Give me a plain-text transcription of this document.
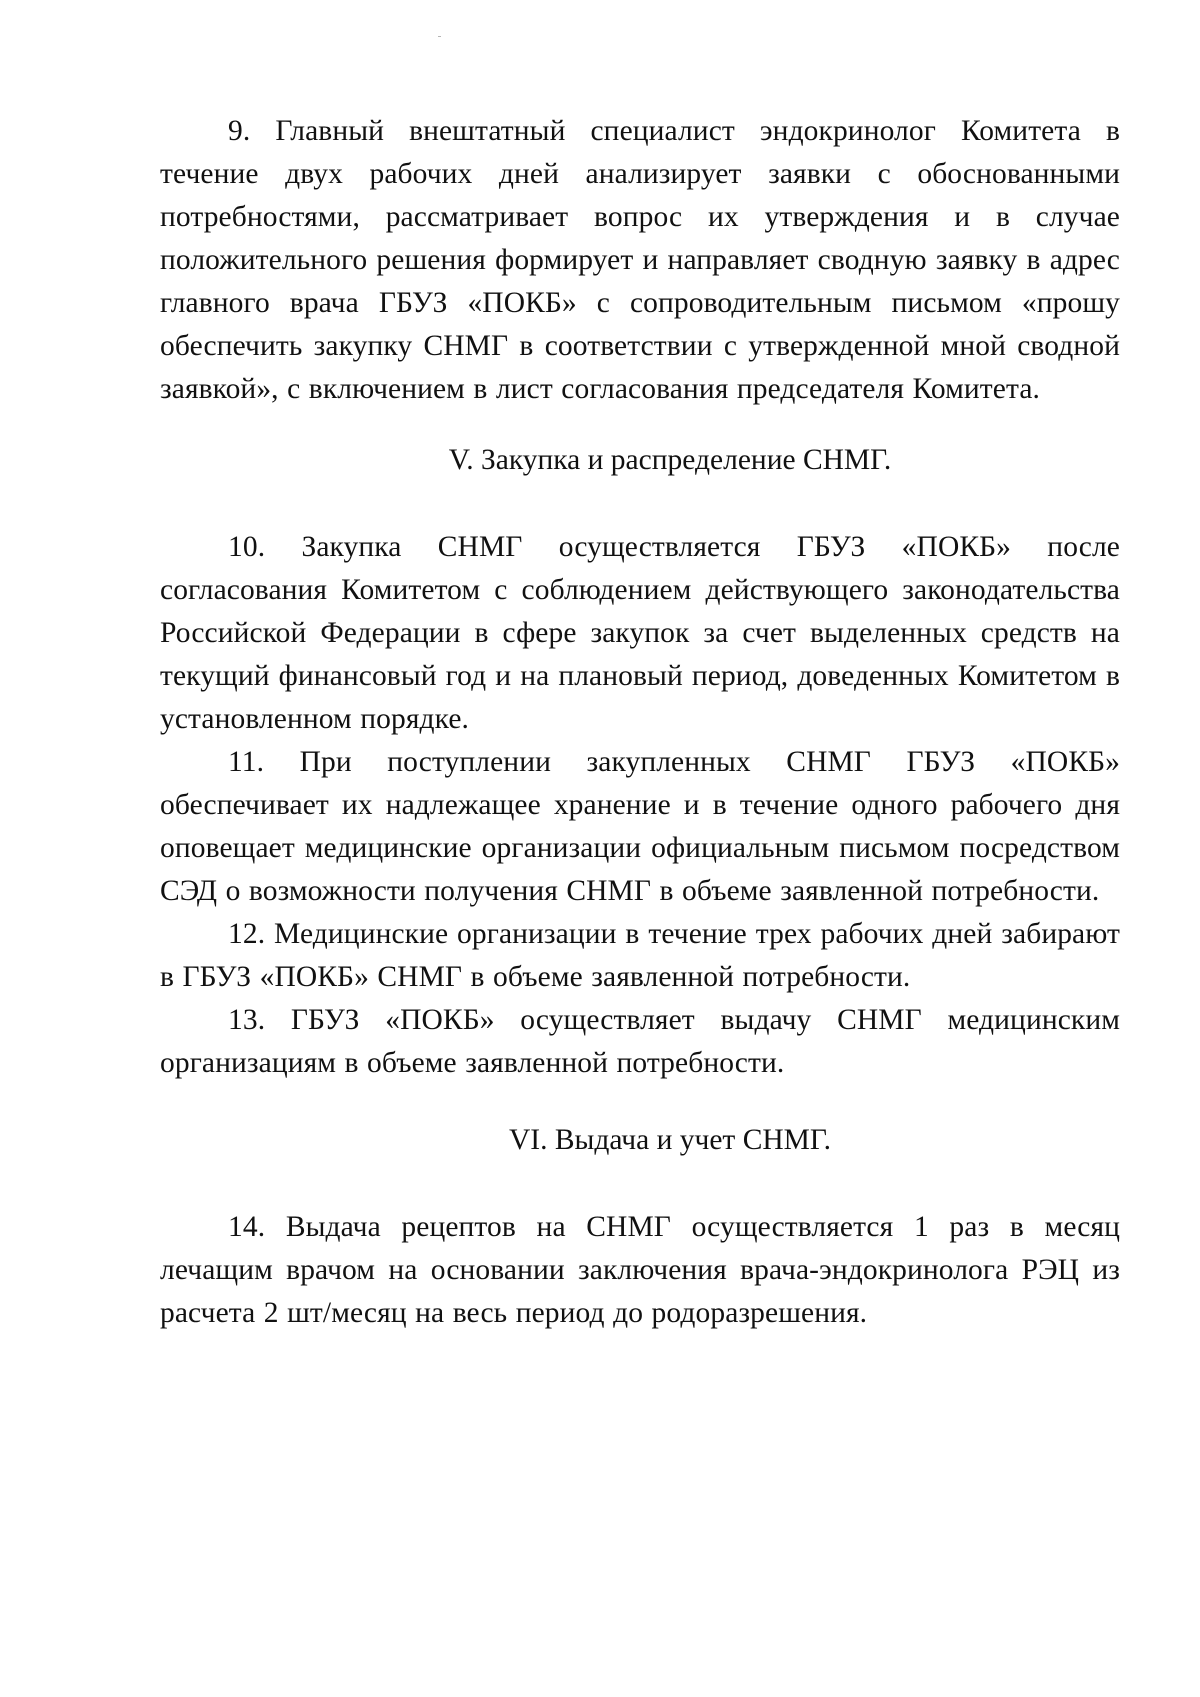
9. Главный внештатный специалист эндокринолог Комитета в течение двух рабочих дней анализирует заявки с обоснованными потребностями, рассматривает вопрос их утверждения и в случае положительного решения формирует и направляет сводную заявку в адрес главного врача ГБУЗ «ПОКБ» с сопроводительным письмом «прошу обеспечить закупку СНМГ в соответствии с утвержденной мной сводной заявкой», с включением в лист согласования председателя Комитета.

V. Закупка и распределение СНМГ.

10. Закупка СНМГ осуществляется ГБУЗ «ПОКБ» после согласования Комитетом с соблюдением действующего законодательства Российской Федерации в сфере закупок за счет выделенных средств на текущий финансовый год и на плановый период, доведенных Комитетом в установленном порядке.

11. При поступлении закупленных СНМГ ГБУЗ «ПОКБ» обеспечивает их надлежащее хранение и в течение одного рабочего дня оповещает медицинские организации официальным письмом посредством СЭД о возможности получения СНМГ в объеме заявленной потребности.

12. Медицинские организации в течение трех рабочих дней забирают в ГБУЗ «ПОКБ» СНМГ в объеме заявленной потребности.

13. ГБУЗ «ПОКБ» осуществляет выдачу СНМГ медицинским организациям в объеме заявленной потребности.

VI. Выдача и учет СНМГ.

14. Выдача рецептов на СНМГ осуществляется 1 раз в месяц лечащим врачом на основании заключения врача-эндокринолога РЭЦ из расчета 2 шт/месяц на весь период до родоразрешения.
